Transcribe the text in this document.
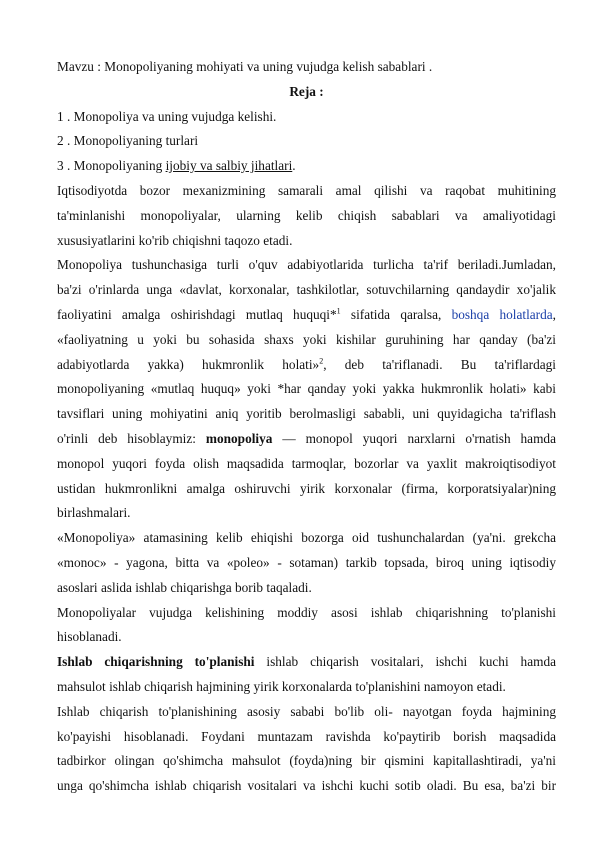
Mavzu : Monopoliyaning mohiyati va uning vujudga kelish sabablari .
Reja :
1 . Monopoliya va uning vujudga kelishi.
2 . Monopoliyaning turlari
3 . Monopoliyaning ijobiy va salbiy jihatlari.
Iqtisodiyotda bozor mexanizmining samarali amal qilishi va raqobat muhitining
ta'minlanishi monopoliyalar, ularning kelib chiqish sabablari va amaliyotidagi
xususiyatlarini ko'rib chiqishni taqozo etadi.
Monopoliya tushunchasiga turli o'quv adabiyotlarida turlicha ta'rif beriladi.Jumladan,
ba'zi o'rinlarda unga «davlat, korxonalar, tashkilotlar, sotuvchilarning qandaydir xo'jalik
faoliyatini amalga oshirishdagi mutlaq huquqi*$^1$ sifatida qaralsa, boshqa holatlarda,
«faoliyatning u yoki bu sohasida shaxs yoki kishilar guruhining har qanday (ba'zi
adabiyotlarda yakka) hukmronlik holati»$^2$, deb ta'riflanadi. Bu ta'riflardagi
monopoliyaning «mutlaq huquq» yoki *har qanday yoki yakka hukmronlik holati» kabi
tavsiflari uning mohiyatini aniq yoritib berolmasligi sababli, uni quyidagicha ta'riflash
o'rinli deb hisoblaymiz: monopoliya — monopol yuqori narxlarni o'rnatish hamda
monopol yuqori foyda olish maqsadida tarmoqlar, bozorlar va yaxlit makroiqtisodiyot
ustidan hukmronlikni amalga oshiruvchi yirik korxonalar (firma, korporatsiyalar)ning
birlashmalari.
«Monopoliya» atamasining kelib ehiqishi bozorga oid tushunchalardan (ya'ni. grekcha
«monoc» - yagona, bitta va «poleo» - sotaman) tarkib topsada, biroq uning iqtisodiy
asoslari aslida ishlab chiqarishga borib taqaladi.
Monopoliyalar vujudga kelishining moddiy asosi ishlab chiqarishning to'planishi
hisoblanadi.
Ishlab chiqarishning to'planishi ishlab chiqarish vositalari, ishchi kuchi hamda
mahsulot ishlab chiqarish hajmining yirik korxonalarda to'planishini namoyon etadi.
Ishlab chiqarish to'planishining asosiy sababi bo'lib oli- nayotgan foyda hajmining
ko'payishi hisoblanadi. Foydani muntazam ravishda ko'paytirib borish maqsadida
tadbirkor olingan qo'shimcha mahsulot (foyda)ning bir qismini kapitallashtiradi, ya'ni
unga qo'shimcha ishlab chiqarish vositalari va ishchi kuchi sotib oladi. Bu esa, ba'zi bir
